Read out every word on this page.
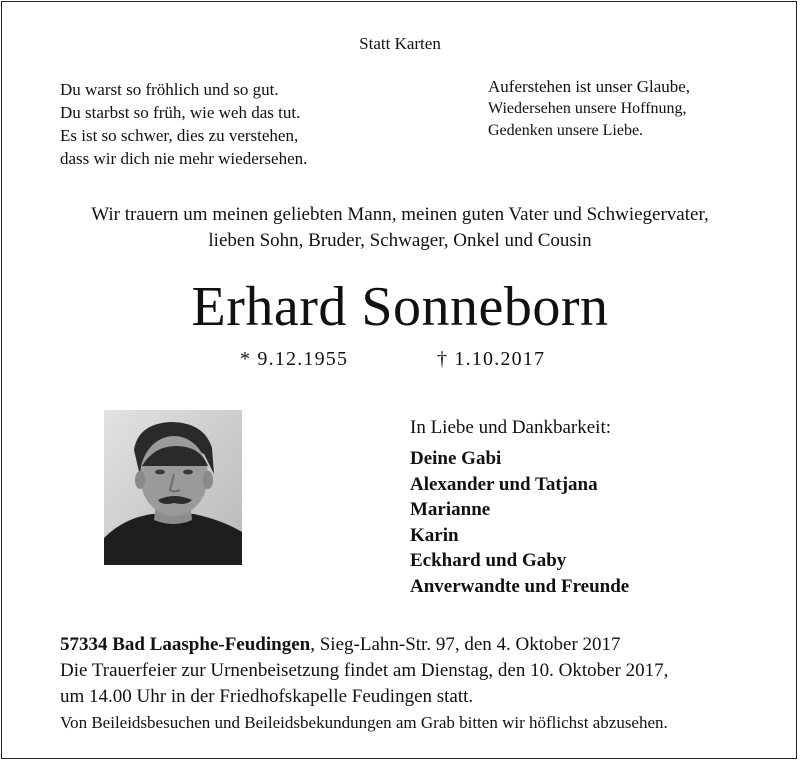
Statt Karten
Du warst so fröhlich und so gut.
Du starbst so früh, wie weh das tut.
Es ist so schwer, dies zu verstehen,
dass wir dich nie mehr wiedersehen.
Auferstehen ist unser Glaube,
Wiedersehen unsere Hoffnung,
Gedenken unsere Liebe.
Wir trauern um meinen geliebten Mann, meinen guten Vater und Schwiegervater,
lieben Sohn, Bruder, Schwager, Onkel und Cousin
Erhard Sonneborn
* 9.12.1955	† 1.10.2017
In Liebe und Dankbarkeit:
Deine Gabi
Alexander und Tatjana
Marianne
Karin
Eckhard und Gaby
Anverwandte und Freunde
57334 Bad Laasphe-Feudingen, Sieg-Lahn-Str. 97, den 4. Oktober 2017
Die Trauerfeier zur Urnenbeisetzung findet am Dienstag, den 10. Oktober 2017,
um 14.00 Uhr in der Friedhofskapelle Feudingen statt.
Von Beileidsbesuchen und Beileidsbekundungen am Grab bitten wir höflichst abzusehen.
